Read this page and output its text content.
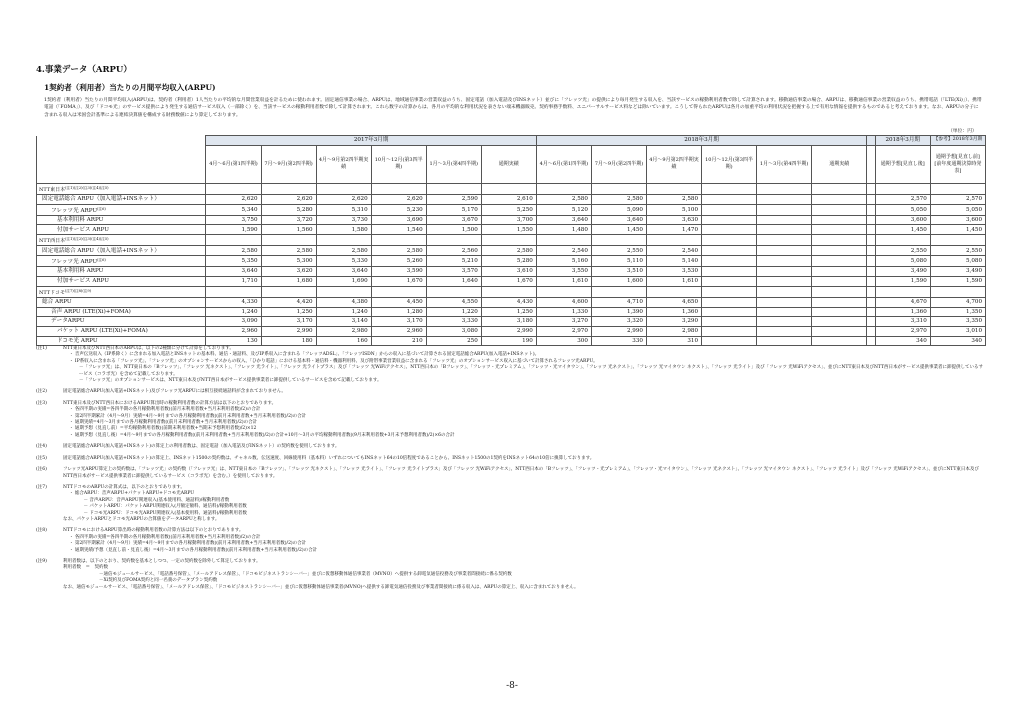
4.事業データ（ARPU）
1契約者（利用者）当たりの月間平均収入(ARPU)
1契約者（利用者）当たりの月間平均収入(ARPU)は、契約者（利用者）1人当たりの平均的な月間営業収益を計るために使われます。固定通信事業の場合、ARPUは、地域通信事業の営業収益のうち、固定電話（加入電話及びINSネット）並びに「フレッツ光」の提供により毎月発生する収入を、当該サービスの稼動利用者数で除して計算されます。移動通信事業の場合、ARPUは、移動通信事業の営業収益のうち、携帯電話（「LTE(Xi)」）、携帯電話（「FOMA」）、及び「ドコモ光」のサービス提供により発生する通信サービス収入（一部除く）を、当該サービスの稼動利用者数で除して計算されます。これら数字の計算からは、各月の平均的な利用状況を表さない端末機器販売、契約事務手数料、ユニバーサルサービス料などは除いています。こうして得られたARPUは各月の加重平均の利用状況を把握する上で有用な情報を提供するものであると考えております。なお、ARPUの分子に含まれる収入は米国会計基準による連結決算値を構成する財務数値により算定しております。
（単位：円）
	2017年3月期						2018年3月期							2018年3月期	【参考】2018年3月期
	4月～6月(第1四半期)	7月～9月(第2四半期)	4月～9月第2四半期実績	10月～12月(第3四半期)	1月～3月(第4四半期)	通期実績	4月～6月(第1四半期)	7月～9月(第2四半期)	4月～9月第2四半期実績	10月～12月(第3四半期)	1月～3月(第4四半期)	通期実績		通期予想[見直し後]	通期予想[見直し前][前年度通期決算時発表]
NTT東日本$^{(注1)(注2)(注3)(注4)(注5)}$															
固定電話総合 ARPU（加入電話+INSネット）	2,620	2,620	2,620	2,620	2,590	2,610	2,580	2,580	2,580					2,570	2,570
フレッツ光 $ARPU^{(注6)}$	5,340	5,280	5,310	5,230	5,170	5,250	5,120	5,090	5,100					5,050	5,050
基本利用料 ARPU	3,750	3,720	3,730	3,690	3,670	3,700	3,640	3,640	3,630					3,600	3,600
付加サービス ARPU	1,590	1,560	1,580	1,540	1,500	1,550	1,480	1,450	1,470					1,450	1,450
NTT西日本$^{(注1)(注2)(注3)(注4)(注5)}$															
固定電話総合 ARPU（加入電話+INSネット）	2,580	2,580	2,580	2,580	2,560	2,580	2,540	2,550	2,540					2,550	2,550
フレッツ光 $ARPU^{(注6)}$	5,350	5,300	5,330	5,260	5,210	5,280	5,160	5,110	5,140					5,080	5,080
基本利用料 ARPU	3,640	3,620	3,640	3,590	3,570	3,610	3,550	3,510	3,530					3,490	3,490
付加サービス ARPU	1,710	1,680	1,690	1,670	1,640	1,670	1,610	1,600	1,610					1,590	1,590
NTTドコモ$^{(注7)(注8)(注9)}$															
総合 ARPU	4,330	4,420	4,380	4,450	4,550	4,430	4,600	4,710	4,650					4,670	4,700
音声 ARPU (LTE(Xi)+FOMA)	1,240	1,250	1,240	1,280	1,220	1,250	1,330	1,390	1,360					1,360	1,350
データARPU	3,090	3,170	3,140	3,170	3,330	3,180	3,270	3,320	3,290					3,310	3,350
パケット ARPU (LTE(Xi)+FOMA)	2,960	2,990	2,980	2,960	3,080	2,990	2,970	2,990	2,980					2,970	3,010
ドコモ光 ARPU	130	180	160	210	250	190	300	330	310					340	340
(注1)	NTT東日本及びNTT西日本のARPUは、以下の2種類に分けて計算をしております。
・ 音声伝送収入（IP系除く）に含まれる加入電話とINSネットの基本料、通信・通話料、及びIP系収入に含まれる「フレッツADSL」、「フレッツISDN」からの収入に基づいて計算される固定電話総合ARPU(加入電話+INSネット)。
・ IP系収入に含まれる「フレッツ光」、「フレッツ光」のオプションサービスからの収入、「ひかり電話」における基本料・通信料・機器利用料、及び附帯事業営業収益に含まれる「フレッツ光」のオプションサービス収入に基づいて計算されるフレッツ光ARPU。
－「フレッツ光」は、NTT東日本の「Bフレッツ」、「フレッツ 光ネクスト」、「フレッツ 光ライト」、「フレッツ 光ライトプラス」及び「フレッツ 光WiFiアクセス」、NTT西日本の「Bフレッツ」、「フレッツ・光プレミアム」、「フレッツ・光マイタウン」、「フレッツ 光ネクスト」、「フレッツ 光マイタウン ネクスト」、「フレッツ 光ライト」及び「フレッツ 光WiFiアクセス」、並びにNTT東日本及びNTT西日本がサービス提供事業者に卸提供しているサービス（コラボ光）を含めて記載しております。
－「フレッツ光」のオプションサービスは、NTT東日本及びNTT西日本がサービス提供事業者に卸提供しているサービスを含めて記載しております。
(注2)	固定電話総合ARPU(加入電話+INSネット)及びフレッツ光ARPUには相互接続通話料が含まれておりません。
(注3)	NTT東日本及びNTT西日本におけるARPU算出時の稼動利用者数の計算方法は以下のとおりであります。
・ 各四半期の実績=各四半期の各月稼動利用者数((前月末利用者数+当月末利用者数)/2)の合計
・ 第2四半期累計（4月～9月）実績=4月～9月までの各月稼動利用者数((前月末利用者数+当月末利用者数)/2)の合計
・ 通期実績=4月～3月までの各月稼動利用者数((前月末利用者数+当月末利用者数)/2)の合計
・ 通期予想（見直し前）=平均稼動利用者数((前期末利用者数+当期末予想利用者数)/2)×12
・ 通期予想（見直し後）=4月～9月までの各月稼動利用者数((前月末利用者数+当月末利用者数)/2)の合計+10月～3月の平均稼動利用者数((9月末利用者数+3月末予想利用者数)/2)×6の合計
(注4)	固定電話総合ARPU(加入電話+INSネット)の算定上の利用者数は、固定電話（加入電話及びINSネット）の契約数を使用しております。
(注5)	固定電話総合ARPU(加入電話+INSネット)の算定上、INSネット1500の契約数は、チャネル数、伝送速度、回線使用料（基本料）いずれについてもINSネット64の10倍程度であることから、INSネット1500の1契約をINSネット64の10倍に換算しております。
(注6)	フレッツ光ARPU算定上の契約数は、「フレッツ光」の契約数（「フレッツ光」は、NTT東日本の「Bフレッツ」、「フレッツ 光ネクスト」、「フレッツ 光ライト」、「フレッツ 光ライトプラス」及び「フレッツ 光WiFiアクセス」、NTT西日本の「Bフレッツ」、「フレッツ・光プレミアム」、「フレッツ・光マイタウン」、「フレッツ 光ネクスト」、「フレッツ 光マイタウン ネクスト」、「フレッツ 光ライト」及び「フレッツ 光WiFiアクセス」、並びにNTT東日本及びNTT西日本がサービス提供事業者に卸提供しているサービス（コラボ光）を含む。）を使用しております。
(注7)	NTTドコモのARPUの計算式は、以下のとおりであります。
・ 総合ARPU：音声ARPU+パケットARPU+ドコモ光ARPU
　－ 音声ARPU：音声ARPU関連収入(基本使用料、通話料)/稼動利用者数
　－ パケットARPU：パケットARPU関連収入(月額定額料、通信料)/稼動利用者数
　－ ドコモ光ARPU：ドコモ光ARPU関連収入(基本使用料、通話料)/稼動利用者数
なお、パケットARPUとドコモ光ARPUの合算値をデータARPUと称します。
(注8)	NTTドコモにおけるARPU算出時の稼動利用者数の計算方法は以下のとおりであります。
・ 各四半期の実績=各四半期の各月稼動利用者数((前月末利用者数+当月末利用者数)/2)の合計
・ 第2四半期累計（4月～9月）実績=4月～9月までの各月稼動利用者数((前月末利用者数+当月末利用者数)/2)の合計
・ 通期実績/予想（見直し前・見直し後）=4月～3月までの各月稼動利用者数((前月末利用者数+当月末利用者数)/2)の合計
(注9)	利用者数は、以下のとおり、契約数を基本としつつ、一定の契約数を除外して算定しております。
利用者数　＝　契約数
　　　　　　　　－通信モジュールサービス、「電話番号保管」、「メールアドレス保管」、「ドコモビジネストランシーバー」並びに仮想移動体通信事業者（MVNO）へ提供する卸電気通信役務及び事業者間接続に係る契約数
　　　　　　　　－Xi契約及びFOMA契約と同一名義のデータプラン契約数
なお、通信モジュールサービス、「電話番号保管」、「メールアドレス保管」、「ドコモビジネストランシーバー」並びに仮想移動体通信事業者(MVNO)へ提供する卸電気通信役務及び事業者間接続に係る収入は、ARPUの算定上、収入に含まれておりません。
-8-
